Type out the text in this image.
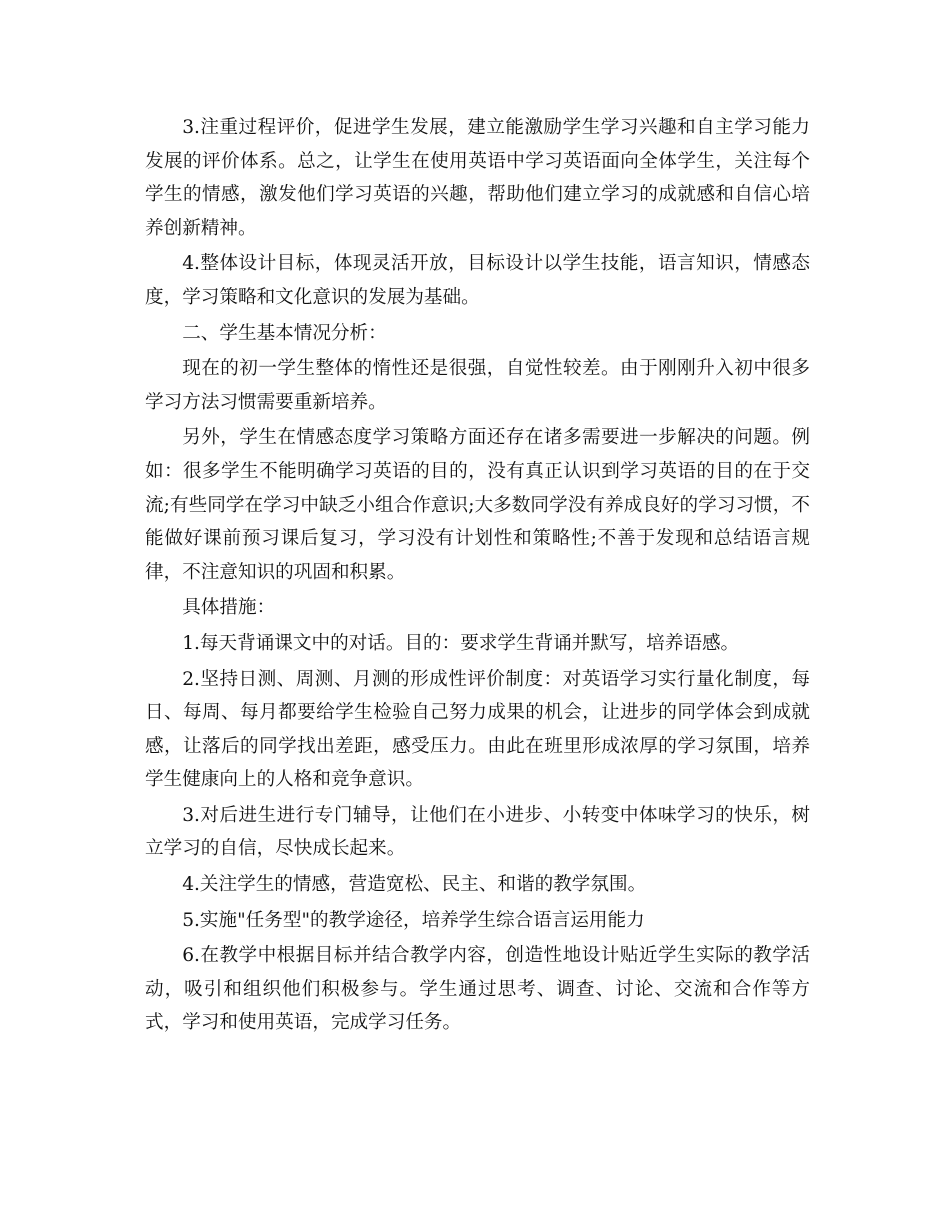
3.注重过程评价，促进学生发展，建立能激励学生学习兴趣和自主学习能力发展的评价体系。总之，让学生在使用英语中学习英语面向全体学生，关注每个学生的情感，激发他们学习英语的兴趣，帮助他们建立学习的成就感和自信心培养创新精神。

4.整体设计目标，体现灵活开放，目标设计以学生技能，语言知识，情感态度，学习策略和文化意识的发展为基础。

二、学生基本情况分析：

现在的初一学生整体的惰性还是很强，自觉性较差。由于刚刚升入初中很多学习方法习惯需要重新培养。

另外，学生在情感态度学习策略方面还存在诸多需要进一步解决的问题。例如：很多学生不能明确学习英语的目的，没有真正认识到学习英语的目的在于交流;有些同学在学习中缺乏小组合作意识;大多数同学没有养成良好的学习习惯，不能做好课前预习课后复习，学习没有计划性和策略性;不善于发现和总结语言规律，不注意知识的巩固和积累。

具体措施：

1.每天背诵课文中的对话。目的：要求学生背诵并默写，培养语感。

2.坚持日测、周测、月测的形成性评价制度：对英语学习实行量化制度，每日、每周、每月都要给学生检验自己努力成果的机会，让进步的同学体会到成就感，让落后的同学找出差距，感受压力。由此在班里形成浓厚的学习氛围，培养学生健康向上的人格和竞争意识。

3.对后进生进行专门辅导，让他们在小进步、小转变中体味学习的快乐，树立学习的自信，尽快成长起来。

4.关注学生的情感，营造宽松、民主、和谐的教学氛围。

5.实施"任务型"的教学途径，培养学生综合语言运用能力

6.在教学中根据目标并结合教学内容，创造性地设计贴近学生实际的教学活动，吸引和组织他们积极参与。学生通过思考、调查、讨论、交流和合作等方式，学习和使用英语，完成学习任务。
